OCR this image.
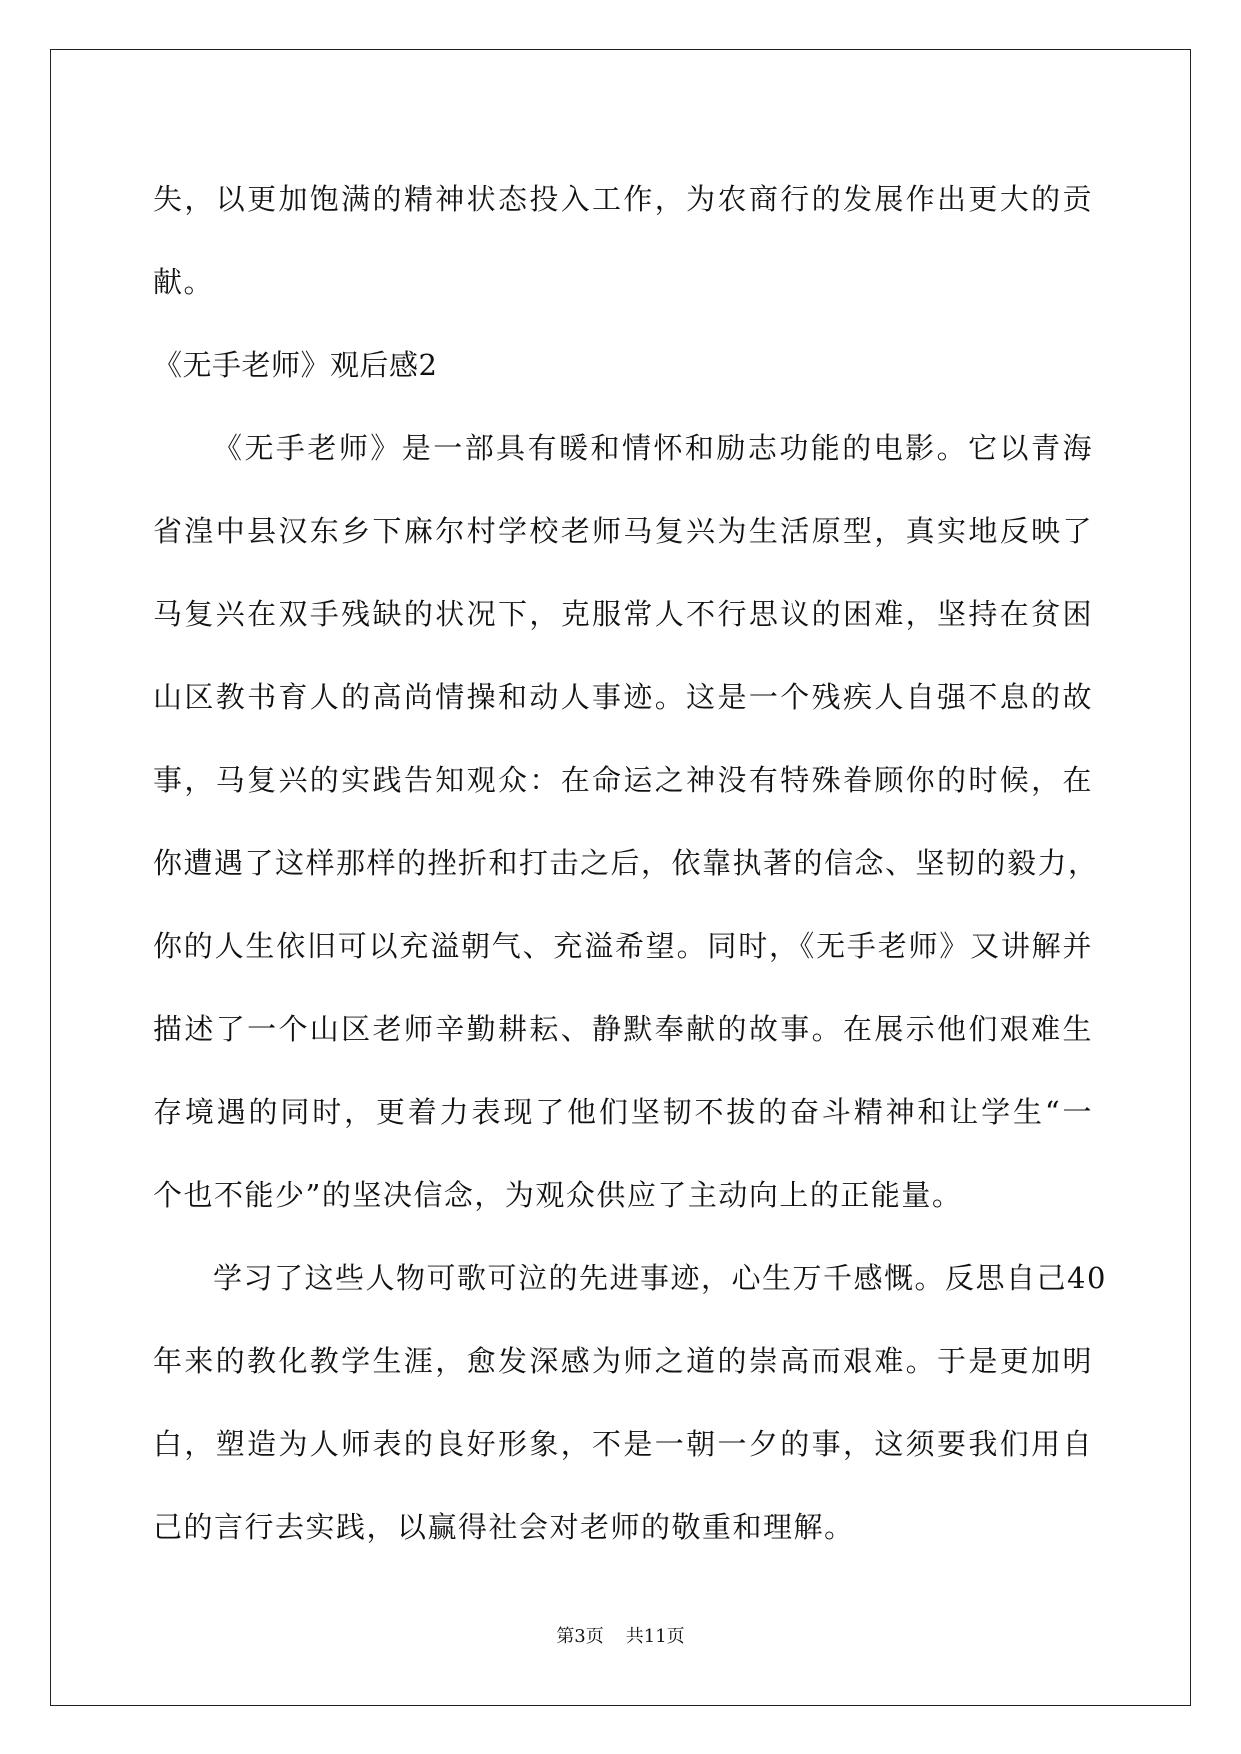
失，以更加饱满的精神状态投入工作，为农商行的发展作出更大的贡
献。
《无手老师》观后感2
《无手老师》是一部具有暖和情怀和励志功能的电影。它以青海
省湟中县汉东乡下麻尔村学校老师马复兴为生活原型，真实地反映了
马复兴在双手残缺的状况下，克服常人不行思议的困难，坚持在贫困
山区教书育人的高尚情操和动人事迹。这是一个残疾人自强不息的故
事，马复兴的实践告知观众：在命运之神没有特殊眷顾你的时候，在
你遭遇了这样那样的挫折和打击之后，依靠执著的信念、坚韧的毅力，
你的人生依旧可以充溢朝气、充溢希望。同时，《无手老师》又讲解并
描述了一个山区老师辛勤耕耘、静默奉献的故事。在展示他们艰难生
存境遇的同时，更着力表现了他们坚韧不拔的奋斗精神和让学生“一
个也不能少”的坚决信念，为观众供应了主动向上的正能量。
学习了这些人物可歌可泣的先进事迹，心生万千感慨。反思自己40
年来的教化教学生涯，愈发深感为师之道的崇高而艰难。于是更加明
白，塑造为人师表的良好形象，不是一朝一夕的事，这须要我们用自
己的言行去实践，以赢得社会对老师的敬重和理解。
第3页 共11页
